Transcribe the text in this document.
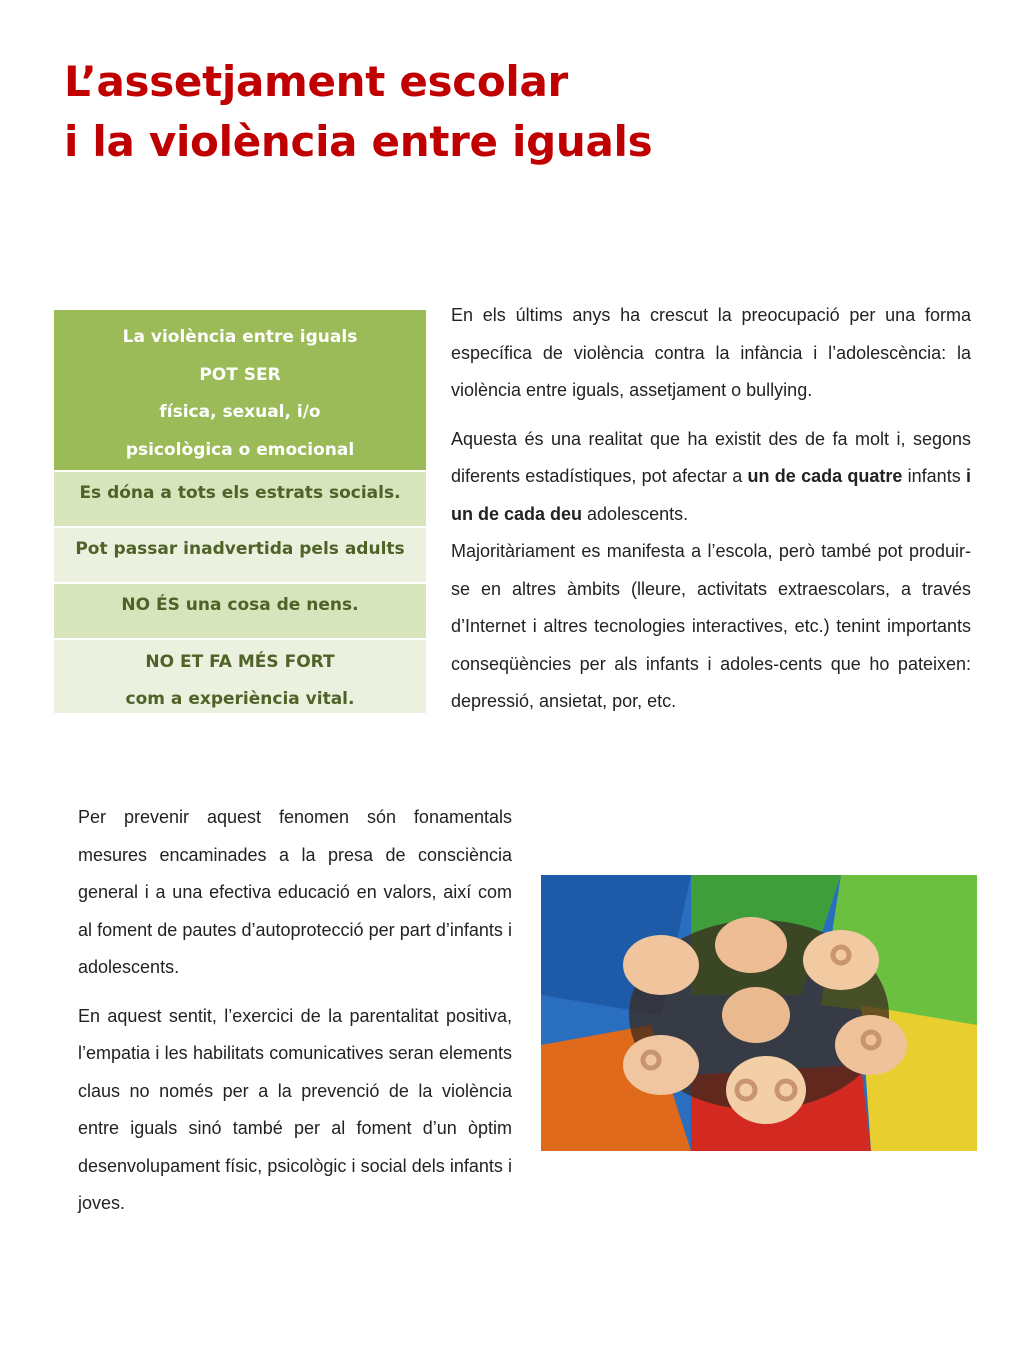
L’assetjament escolar
i la violència entre iguals
La violència entre iguals
POT SER
física, sexual, i/o
psicològica o emocional
Es dóna a tots els estrats socials.
Pot passar inadvertida pels adults
NO ÉS una cosa de nens.
NO ET FA MÉS FORT
com a experiència vital.

En els últims anys ha crescut la preocupació per una forma específica de violència contra la infància i l’adolescència: la violència entre iguals, assetjament o bullying.

Aquesta és una realitat que ha existit des de fa molt i, segons diferents estadístiques, pot afectar a un de cada quatre infants i un de cada deu adolescents.

Majoritàriament es manifesta a l’escola, però també pot produir-se en altres àmbits (lleure, activitats extraescolars, a través d’Internet i altres tecnologies interactives, etc.) tenint importants conseqüències per als infants i adoles-cents que ho pateixen: depressió, ansietat, por, etc.

Per prevenir aquest fenomen són fonamentals mesures encaminades a la presa de consciència general i a una efectiva educació en valors, així com al foment de pautes d’autoprotecció per part d’infants i adolescents.

En aquest sentit, l’exercici de la parentalitat positiva, l’empatia i les habilitats comunicatives seran elements claus no només per a la prevenció de la violència entre iguals sinó també per al foment d’un òptim desenvolupament físic, psicològic i social dels infants i joves.
